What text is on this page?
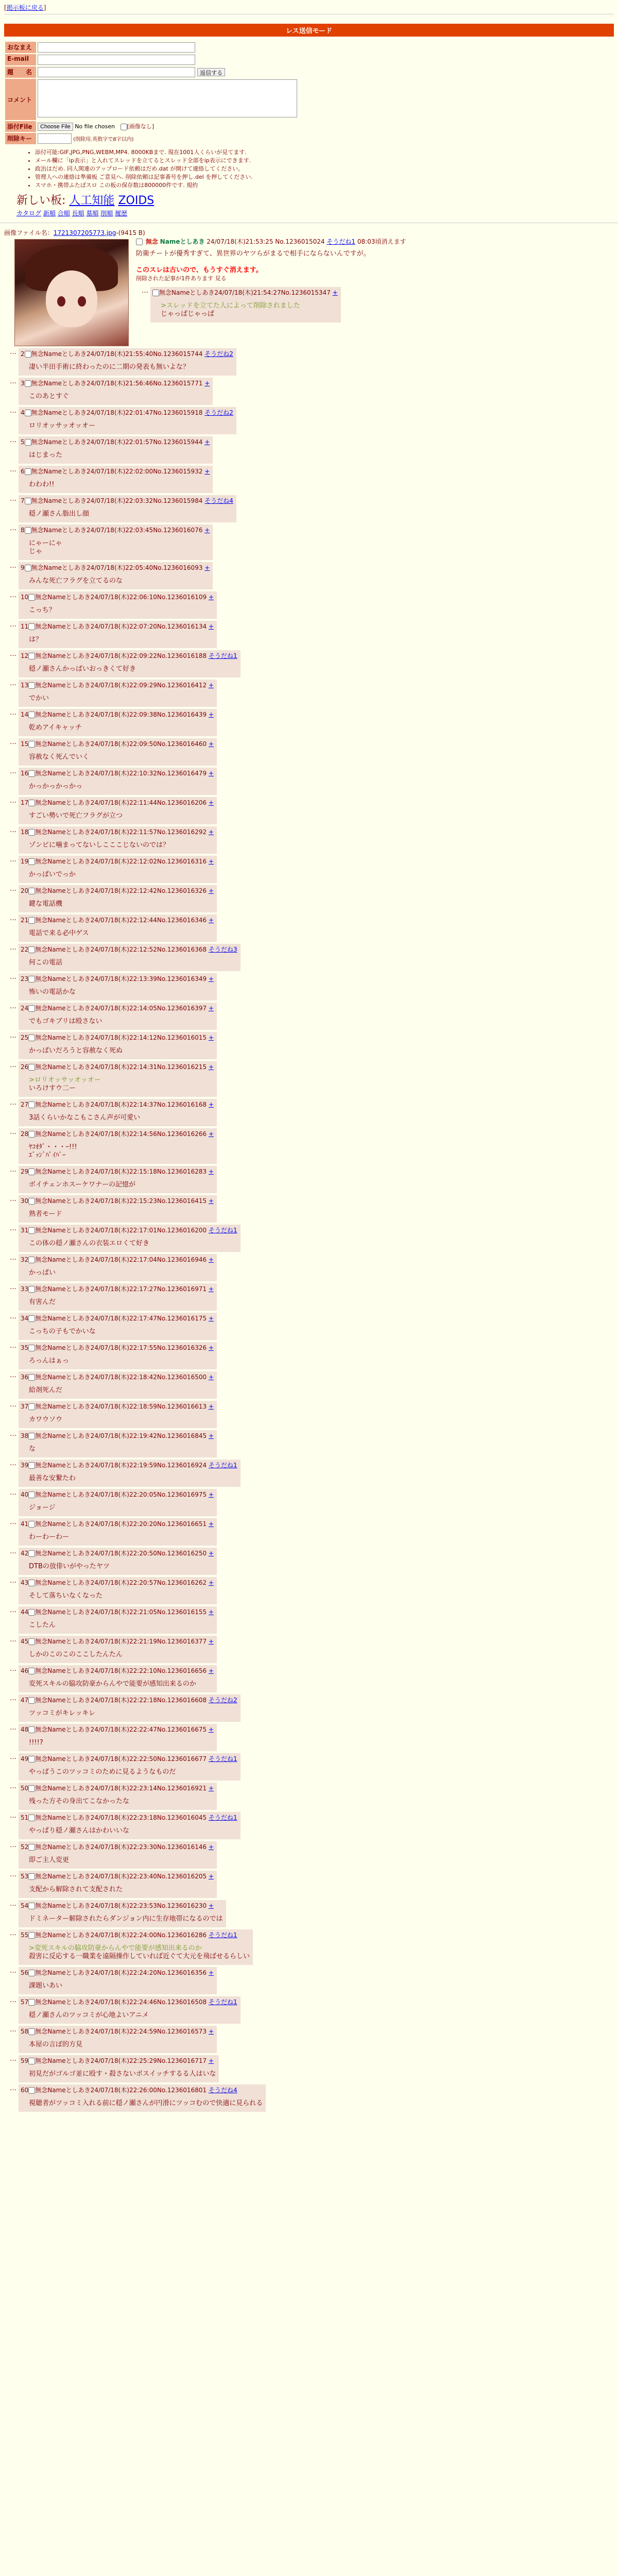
[掲示板に戻る]
レス送信モード
おなまえ	
E-mail	
題　　名	返信する
コメント	
添付File	Choose File No file chosen [画像なし]
削除キー	(削除用.英数字で8字以内)
• 添付可能:GIF,JPG,PNG,WEBM,MP4. 8000KBまで. 現在1001人くらいが見てます.
• メール欄に「ip表示」と入れてスレッドを立てるとスレッド全部をip表示にできます.
• 政治はだめ. 同人関連のアップロード依頼はだめ.dat が開けて連絡してください。
• 管理人への連絡は準備板 ご意見へ. 削除依頼は記事番号を押し.del を押してください.
• スマホ・携帯ふたばスロ この板の保存数は800000件です. 規約
新しい板: 人工知能 ZOIDS
カタログ 新順 合順 長順 墓順 削順 履歴
画像ファイル名：1721307205773.jpg-(9415 B)
無念 Nameとしあき 24/07/18(木)21:53:25 No.1236015024 そうだね1 08:03頃消えます
防衛チートが優秀すぎて、異世界のヤツらがまるで相手にならないんですが。

このスレは古いので、もうすぐ消えます。
削除された記事が1件あります 見る
…	無念Nameとしあき24/07/18(木)21:54:27No.1236015347 +
>スレッドを立てた人によって削除されました
じゃっぱじゃっぱ
… 2 無念Nameとしあき24/07/18(木)21:55:40No.1236015744 そうだね2
凄い半田手術に終わったのに二期の発表も無いよな？
… 3 無念Nameとしあき24/07/18(木)21:56:46No.1236015771 +
このあとすぐ
… 4 無念Nameとしあき24/07/18(木)22:01:47No.1236015918 そうだね2
ロリオッサッオッオー
… 5 無念Nameとしあき24/07/18(木)22:01:57No.1236015944 +
はじまった
… 6 無念Nameとしあき24/07/18(木)22:02:00No.1236015932 +
わわわ!!
… 7 無念Nameとしあき24/07/18(木)22:03:32No.1236015984 そうだね4
穏ノ瀬さん脂出し顔
… 8 無念Nameとしあき24/07/18(木)22:03:45No.1236016076 +
にゃーにゃ
じゃ
… 9 無念Nameとしあき24/07/18(木)22:05:40No.1236016093 +
みんな死亡フラグを立てるのな
… 10 無念Nameとしあき24/07/18(木)22:06:10No.1236016109 +
こっち？
… 11 無念Nameとしあき24/07/18(木)22:07:20No.1236016134 +
は？
… 12 無念Nameとしあき24/07/18(木)22:09:22No.1236016188 そうだね1
穏ノ瀬さんかっぱいおっきくて好き
… 13 無念Nameとしあき24/07/18(木)22:09:29No.1236016412 +
でかい
… 14 無念Nameとしあき24/07/18(木)22:09:38No.1236016439 +
乾めアイキャッチ
… 15 無念Nameとしあき24/07/18(木)22:09:50No.1236016460 +
容赦なく死んでいく
… 16 無念Nameとしあき24/07/18(木)22:10:32No.1236016479 +
かっかっかっかっ
… 17 無念Nameとしあき24/07/18(木)22:11:44No.1236016206 +
すごい勢いで死亡フラグが立つ
… 18 無念Nameとしあき24/07/18(木)22:11:57No.1236016292 +
ゾンビに噛まってないしこここじないのでは？
… 19 無念Nameとしあき24/07/18(木)22:12:02No.1236016316 +
かっぱいでっか
… 20 無念Nameとしあき24/07/18(木)22:12:42No.1236016326 +
鍵な電話機
… 21 無念Nameとしあき24/07/18(木)22:12:44No.1236016346 +
電話で来る必中ゲス
… 22 無念Nameとしあき24/07/18(木)22:12:52No.1236016368 そうだね3
何この電話
… 23 無念Nameとしあき24/07/18(木)22:13:39No.1236016349 +
怖いの電話かな
… 24 無念Nameとしあき24/07/18(木)22:14:05No.1236016397 +
でもゴキブリは殴さない
… 25 無念Nameとしあき24/07/18(木)22:14:12No.1236016015 +
かっぱいだろうと容赦なく死ぬ
… 26 無念Nameとしあき24/07/18(木)22:14:31No.1236016215 +
>ロリオッサッオッオー
いろけすウ二ー
… 27 無念Nameとしあき24/07/18(木)22:14:37No.1236016168 +
3話くらいかなこもこさん声が可愛い
… 28 無念Nameとしあき24/07/18(木)22:14:56No.1236016266 +
ﾔｺｵﾀﾞ・・・ｰ!!!
ｴﾞｯﾝ`ﾊﾟｲﾊﾟｰ
… 29 無念Nameとしあき24/07/18(木)22:15:18No.1236016283 +
ボイチェンホスーケワナーの記憶が
… 30 無念Nameとしあき24/07/18(木)22:15:23No.1236016415 +
熟者モード
… 31 無念Nameとしあき24/07/18(木)22:17:01No.1236016200 そうだね1
この体の穏ノ瀬さんの衣装エロくて好き
… 32 無念Nameとしあき24/07/18(木)22:17:04No.1236016946 +
かっぱい
… 33 無念Nameとしあき24/07/18(木)22:17:27No.1236016971 +
有害んだ
… 34 無念Nameとしあき24/07/18(木)22:17:47No.1236016175 +
こっちの子もでかいな
… 35 無念Nameとしあき24/07/18(木)22:17:55No.1236016326 +
ろっんはぁっ
… 36 無念Nameとしあき24/07/18(木)22:18:42No.1236016500 +
給剤死んだ
… 37 無念Nameとしあき24/07/18(木)22:18:59No.1236016613 +
カワウソウ
… 38 無念Nameとしあき24/07/18(木)22:19:42No.1236016845 +
な
… 39 無念Nameとしあき24/07/18(木)22:19:59No.1236016924 そうだね1
最善な安繋たわ
… 40 無念Nameとしあき24/07/18(木)22:20:05No.1236016975 +
ジョージ
… 41 無念Nameとしあき24/07/18(木)22:20:20No.1236016651 +
わーわーわー
… 42 無念Nameとしあき24/07/18(木)22:20:50No.1236016250 +
DTBの放俳いがやったヤツ
… 43 無念Nameとしあき24/07/18(木)22:20:57No.1236016262 +
そして落ちいなくなった
… 44 無念Nameとしあき24/07/18(木)22:21:05No.1236016155 +
こしたん
… 45 無念Nameとしあき24/07/18(木)22:21:19No.1236016377 +
しかのこのこのここしたんたん
… 46 無念Nameとしあき24/07/18(木)22:22:10No.1236016656 +
変死スキルの脇攻防豪からんやで能要が感知出来るのか
… 47 無念Nameとしあき24/07/18(木)22:22:18No.1236016608 そうだね2
ツッコミがキレッキレ
… 48 無念Nameとしあき24/07/18(木)22:22:47No.1236016675 +
!!!!?
… 49 無念Nameとしあき24/07/18(木)22:22:50No.1236016677 そうだね1
やっぱうこのツッコミのために見るようなものだ
… 50 無念Nameとしあき24/07/18(木)22:23:14No.1236016921 +
残った方その身出てこなかったな
… 51 無念Nameとしあき24/07/18(木)22:23:18No.1236016045 そうだね1
やっぱり穏ノ瀬さんはかわいいな
… 52 無念Nameとしあき24/07/18(木)22:23:30No.1236016146 +
即ご主人変更
… 53 無念Nameとしあき24/07/18(木)22:23:40No.1236016205 +
支配から解除されて支配された
… 54 無念Nameとしあき24/07/18(木)22:23:53No.1236016230 +
ドミネーター解除されたらダンジョン内に生存地帯になるのでは
… 55 無念Nameとしあき24/07/18(木)22:24:00No.1236016286 そうだね1
>変死スキルの脇攻防豪からんやで能要が感知出来るのか
殺害に反応する一職業を遠隔操作していれば近ぐて大元を飛ばせるらしい
… 56 無念Nameとしあき24/07/18(木)22:24:20No.1236016356 +
課題いあい
… 57 無念Nameとしあき24/07/18(木)22:24:46No.1236016508 そうだね1
穏ノ瀬さんのツッコミが心地よいアニメ
… 58 無念Nameとしあき24/07/18(木)22:24:59No.1236016573 +
本屋の言ぼ的方見
… 59 無念Nameとしあき24/07/18(木)22:25:29No.1236016717 +
初見だがゴルゴ並に殴す・殺さないボスイッチするる人はいな
… 60 無念Nameとしあき24/07/18(木)22:26:00No.1236016801 そうだね4
視聴者がツッコミ入れる前に穏ノ瀬さんが円滑にツッコむので快適に見られる
